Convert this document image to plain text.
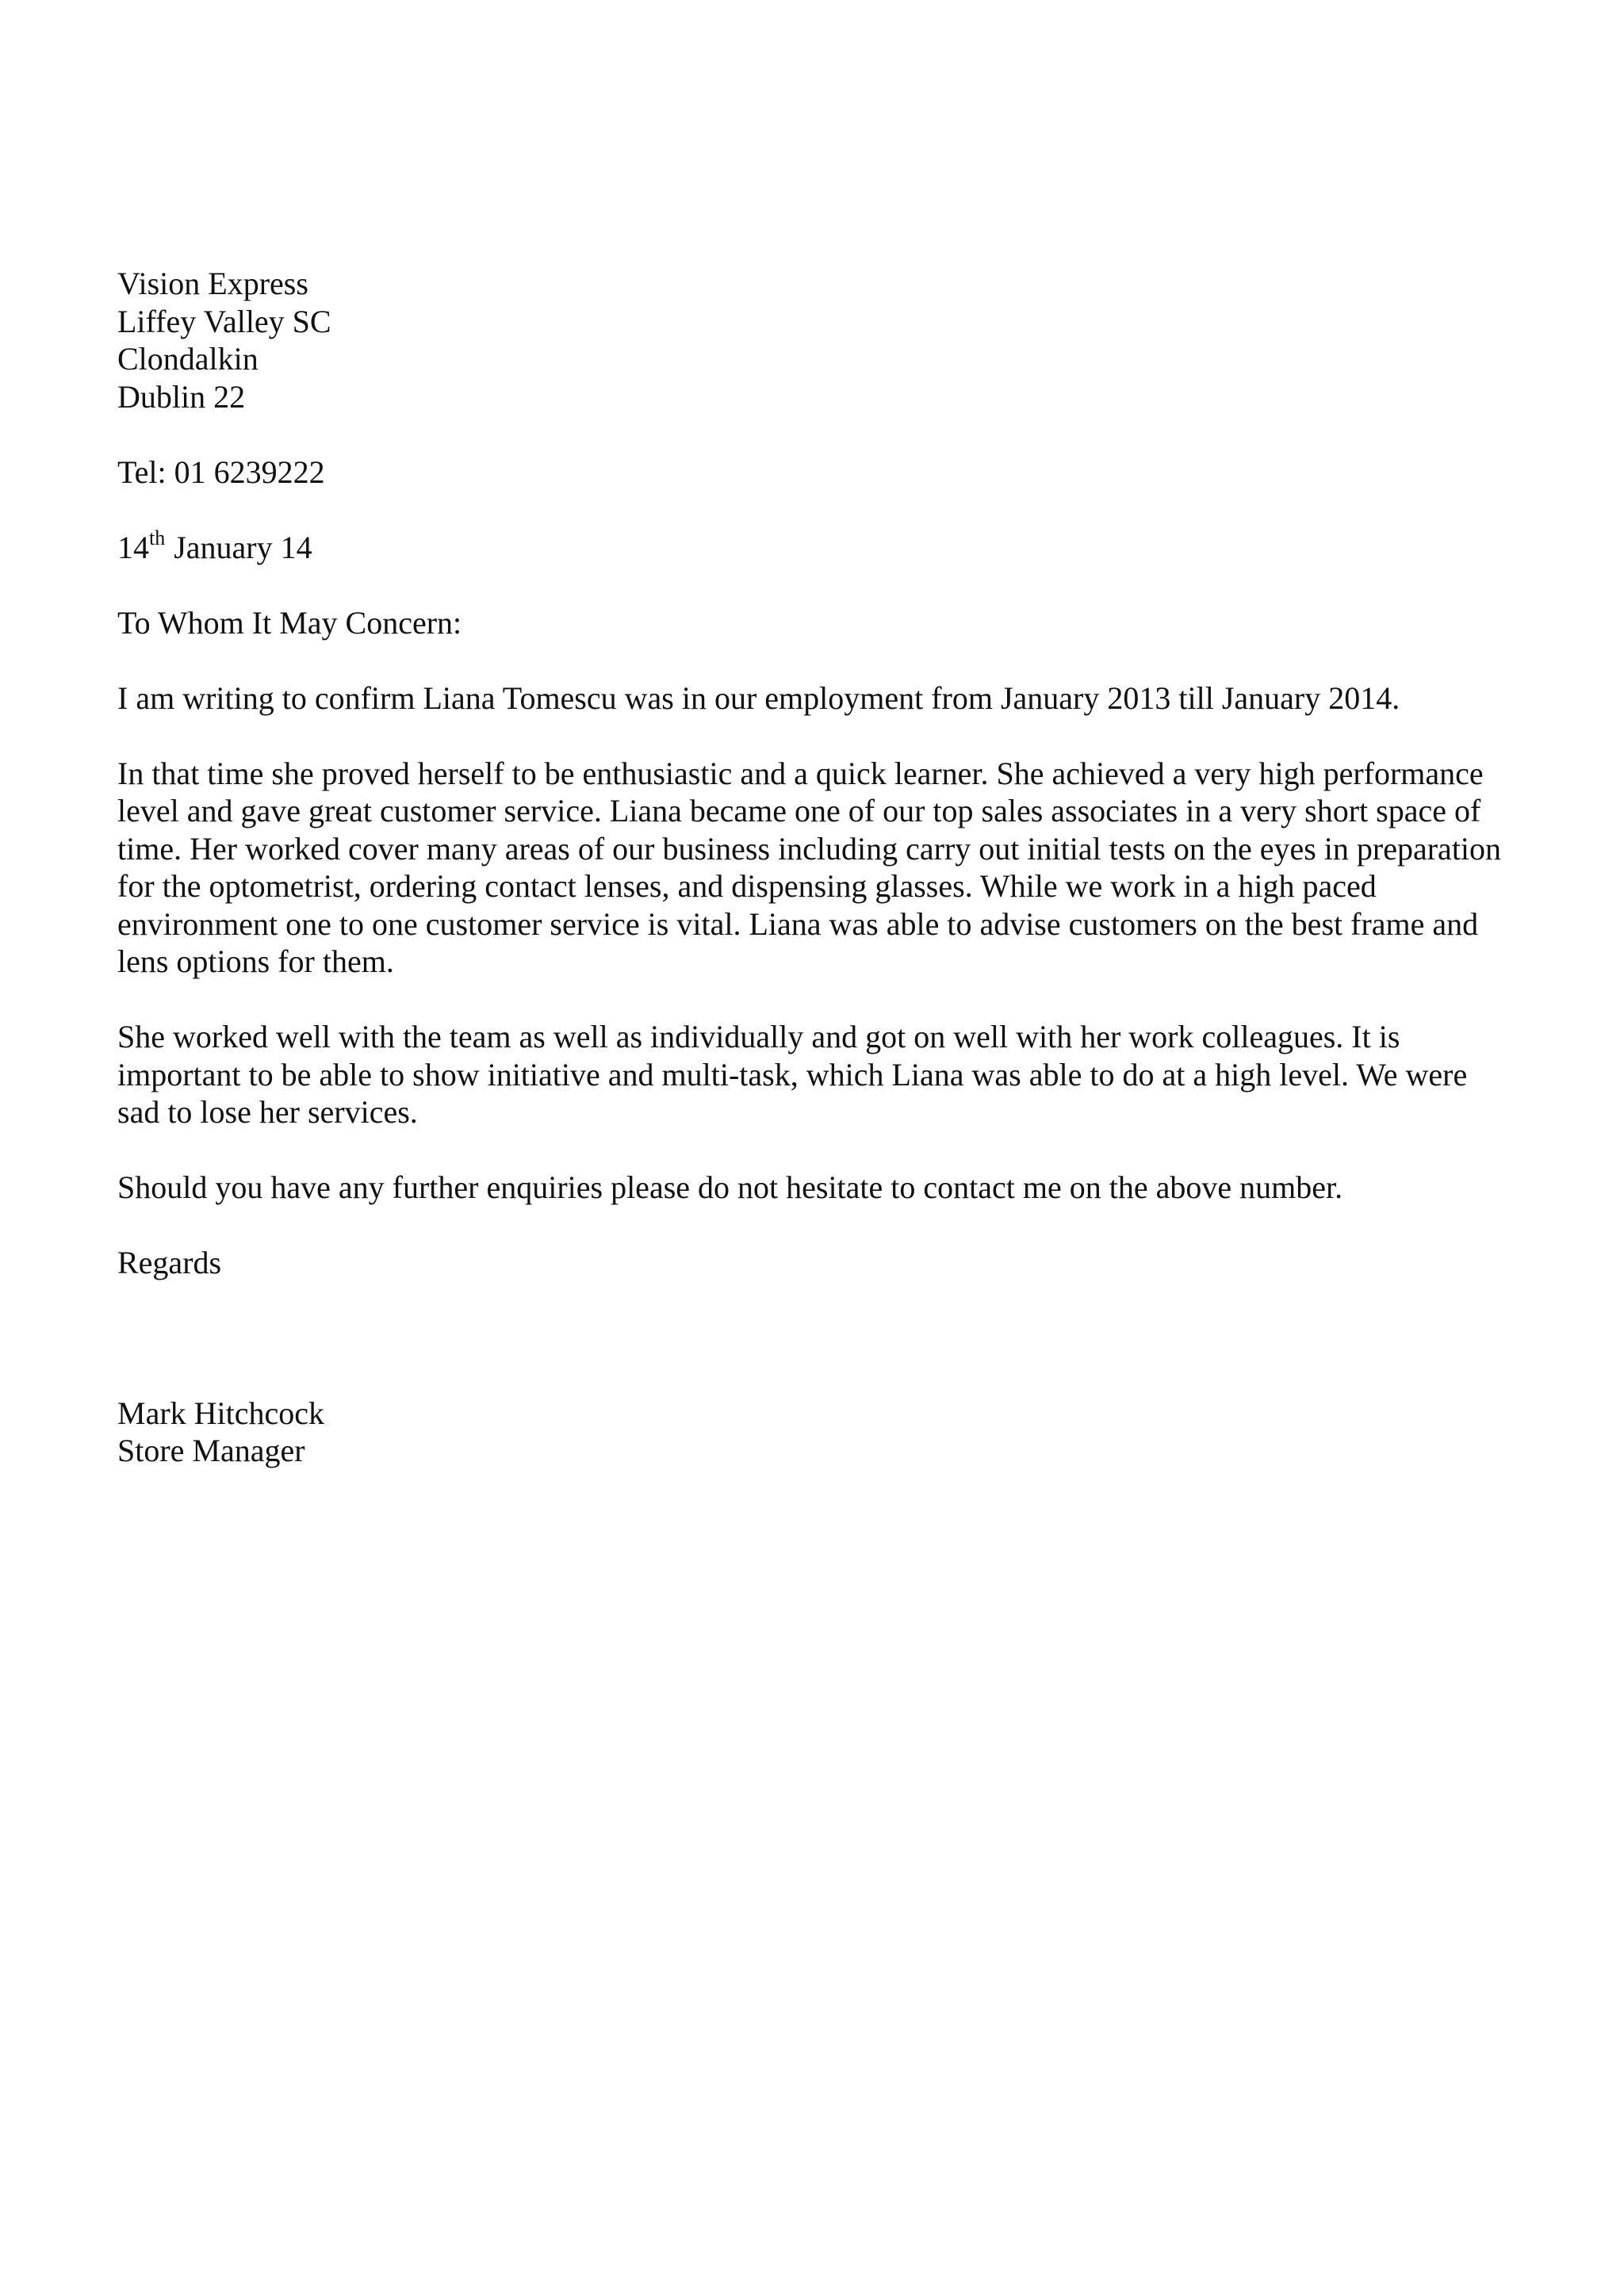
Vision Express
Liffey Valley SC
Clondalkin
Dublin 22
Tel: 01 6239222
14th January 14
To Whom It May Concern:
I am writing to confirm Liana Tomescu was in our employment from January 2013 till January 2014.
In that time she proved herself to be enthusiastic and a quick learner. She achieved a very high performance
level and gave great customer service. Liana became one of our top sales associates in a very short space of
time. Her worked cover many areas of our business including carry out initial tests on the eyes in preparation
for the optometrist, ordering contact lenses, and dispensing glasses. While we work in a high paced
environment one to one customer service is vital. Liana was able to advise customers on the best frame and
lens options for them.
She worked well with the team as well as individually and got on well with her work colleagues. It is
important to be able to show initiative and multi-task, which Liana was able to do at a high level. We were
sad to lose her services.
Should you have any further enquiries please do not hesitate to contact me on the above number.
Regards
Mark Hitchcock
Store Manager
